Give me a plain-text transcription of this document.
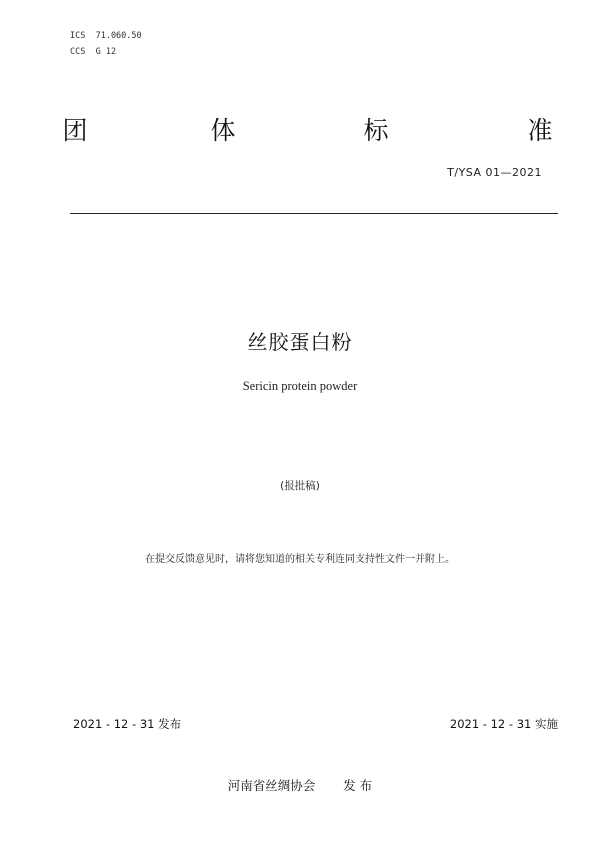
ICS  71.060.50
CCS  G 12
团	体	标	准
T/YSA 01—2021
丝胶蛋白粉
Sericin protein powder
(报批稿)
在提交反馈意见时，请将您知道的相关专利连同支持性文件一并附上。
2021 - 12 - 31 发布	2021 - 12 - 31 实施
河南省丝绸协会 发 布
